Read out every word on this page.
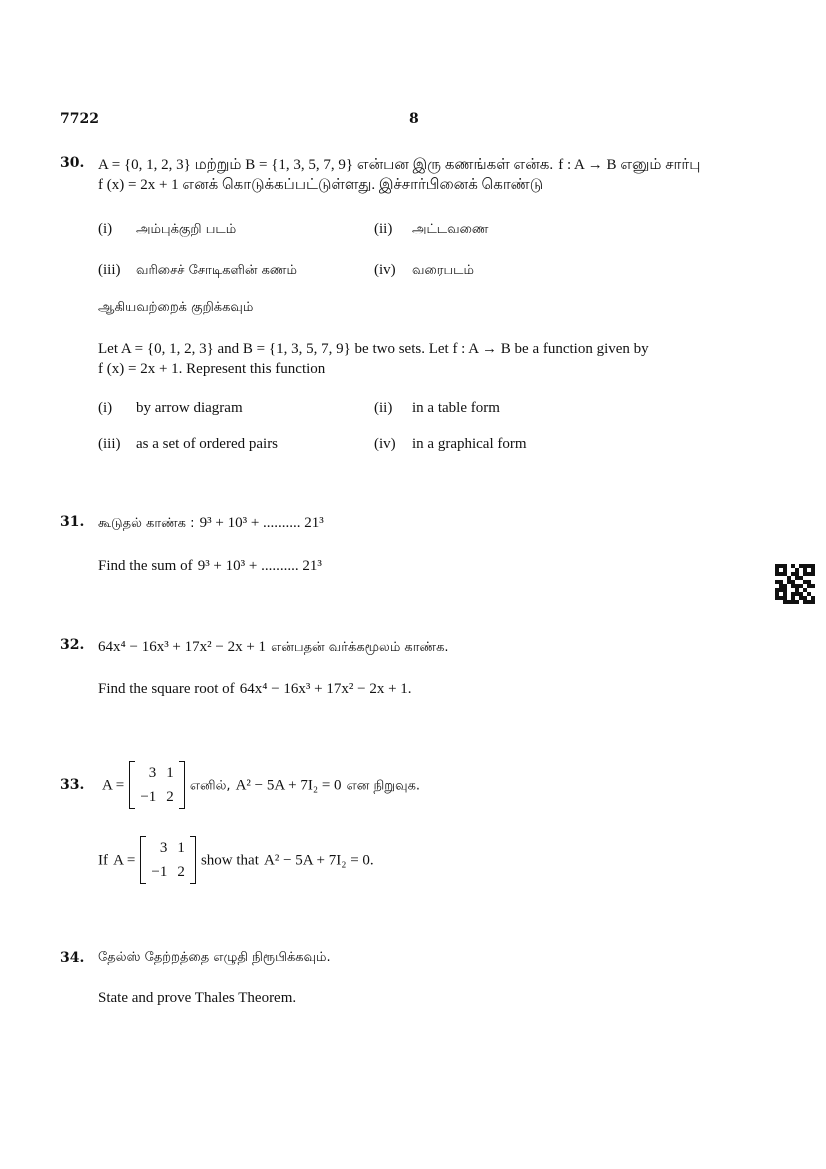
7722	8
30. A = {0, 1, 2, 3} மற்றும் B = {1, 3, 5, 7, 9} என்பன இரு கணங்கள் என்க. f : A → B எனும் சார்பு
f (x) = 2x + 1 எனக் கொடுக்கப்பட்டுள்ளது. இச்சார்பினைக் கொண்டு
(i) அம்புக்குறி படம்	(ii) அட்டவணை
(iii) வரிசைச் சோடிகளின் கணம்	(iv) வரைபடம்
ஆகியவற்றைக் குறிக்கவும்
Let A = {0, 1, 2, 3} and B = {1, 3, 5, 7, 9} be two sets. Let f : A → B be a function given by
f (x) = 2x + 1. Represent this function
(i) by arrow diagram	(ii) in a table form
(iii) as a set of ordered pairs	(iv) in a graphical form
31. கூடுதல் காண்க : 9³ + 10³ + .......... 21³
Find the sum of 9³ + 10³ + .......... 21³
32. 64x⁴ − 16x³ + 17x² − 2x + 1 என்பதன் வர்க்கமூலம் காண்க.
Find the square root of 64x⁴ − 16x³ + 17x² − 2x + 1.
33. A =
3	1
−1	2
எனில், A² − 5A + 7I₂ = 0 என நிறுவுக.
If A =
3	1
−1	2
show that A² − 5A + 7I₂ = 0.
34. தேல்ஸ் தேற்றத்தை எழுதி நிரூபிக்கவும்.
State and prove Thales Theorem.
